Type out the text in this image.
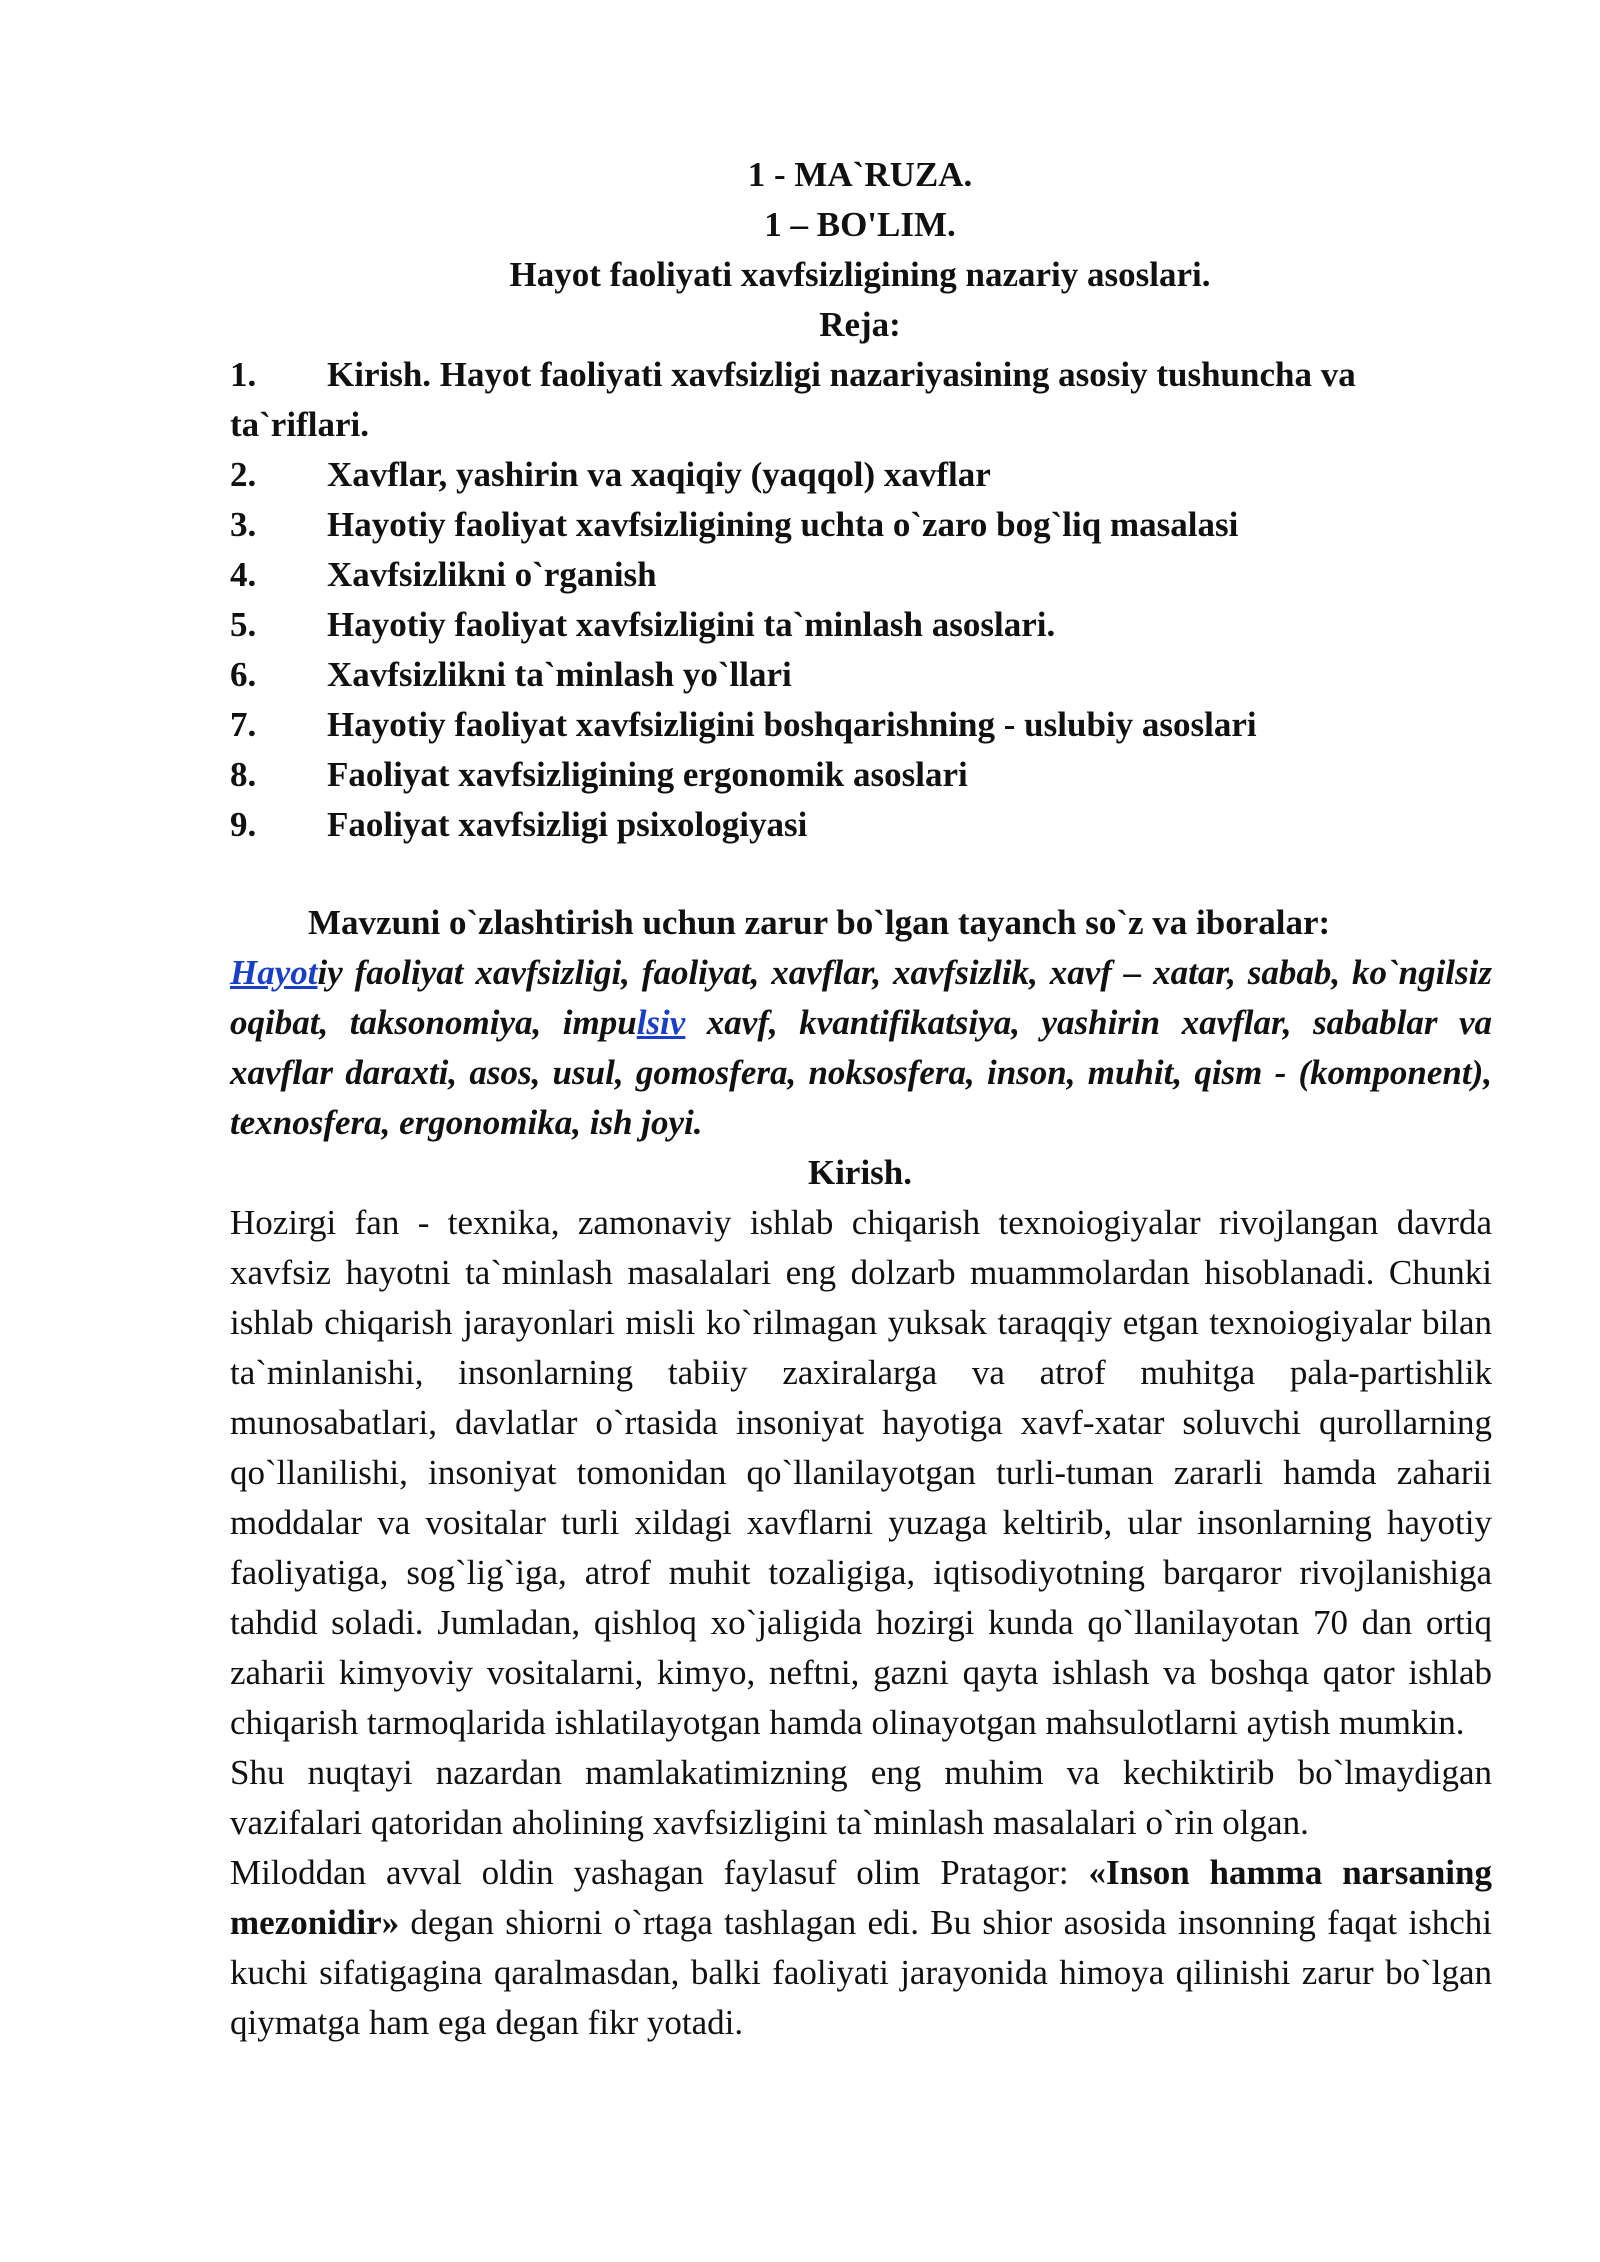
1 - MA`RUZA.
1 – BO'LIM.
Hayot faoliyati xavfsizligining nazariy asoslari.
Reja:
1.	Kirish. Hayot faoliyati xavfsizligi nazariyasining asosiy tushuncha va
ta`riflari.
2.	Xavflar, yashirin va xaqiqiy (yaqqol) xavflar
3.	Hayotiy faoliyat xavfsizligining uchta o`zaro bog`liq masalasi
4.	Xavfsizlikni o`rganish
5.	Hayotiy faoliyat xavfsizligini ta`minlash asoslari.
6.	Xavfsizlikni ta`minlash yo`llari
7.	Hayotiy faoliyat xavfsizligini boshqarishning - uslubiy asoslari
8.	Faoliyat xavfsizligining ergonomik asoslari
9.	Faoliyat xavfsizligi psixologiyasi
Mavzuni o`zlashtirish uchun zarur bo`lgan tayanch so`z va iboralar:
Hayotiy faoliyat xavfsizligi, faoliyat, xavflar, xavfsizlik, xavf – xatar, sabab, ko`ngilsiz oqibat, taksonomiya, impulsiv xavf, kvantifikatsiya, yashirin xavflar, sabablar va xavflar daraxti, asos, usul, gomosfera, noksosfera, inson, muhit, qism - (komponent), texnosfera, ergonomika, ish joyi.
Kirish.

Hozirgi fan - texnika, zamonaviy ishlab chiqarish texnoiogiyalar rivojlangan davrda xavfsiz hayotni ta`minlash masalalari eng dolzarb muammolardan hisoblanadi. Chunki ishlab chiqarish jarayonlari misli ko`rilmagan yuksak taraqqiy etgan texnoiogiyalar bilan ta`minlanishi, insonlarning tabiiy zaxiralarga va atrof muhitga pala-partishlik munosabatlari, davlatlar o`rtasida insoniyat hayotiga xavf-xatar soluvchi qurollarning qo`llanilishi, insoniyat tomonidan qo`llanilayotgan turli-tuman zararli hamda zaharii moddalar va vositalar turli xildagi xavflarni yuzaga keltirib, ular insonlarning hayotiy faoliyatiga, sog`lig`iga, atrof muhit tozaligiga, iqtisodiyotning barqaror rivojlanishiga tahdid soladi. Jumladan, qishloq xo`jaligida hozirgi kunda qo`llanilayotan 70 dan ortiq zaharii kimyoviy vositalarni, kimyo, neftni, gazni qayta ishlash va boshqa qator ishlab chiqarish tarmoqlarida ishlatilayotgan hamda olinayotgan mahsulotlarni aytish mumkin.

Shu nuqtayi nazardan mamlakatimizning eng muhim va kechiktirib bo`lmaydigan vazifalari qatoridan aholining xavfsizligini ta`minlash masalalari o`rin olgan.

Miloddan avval oldin yashagan faylasuf olim Pratagor: «Inson hamma narsaning mezonidir» degan shiorni o`rtaga tashlagan edi. Bu shior asosida insonning faqat ishchi kuchi sifatigagina qaralmasdan, balki faoliyati jarayonida himoya qilinishi zarur bo`lgan qiymatga ham ega degan fikr yotadi.
